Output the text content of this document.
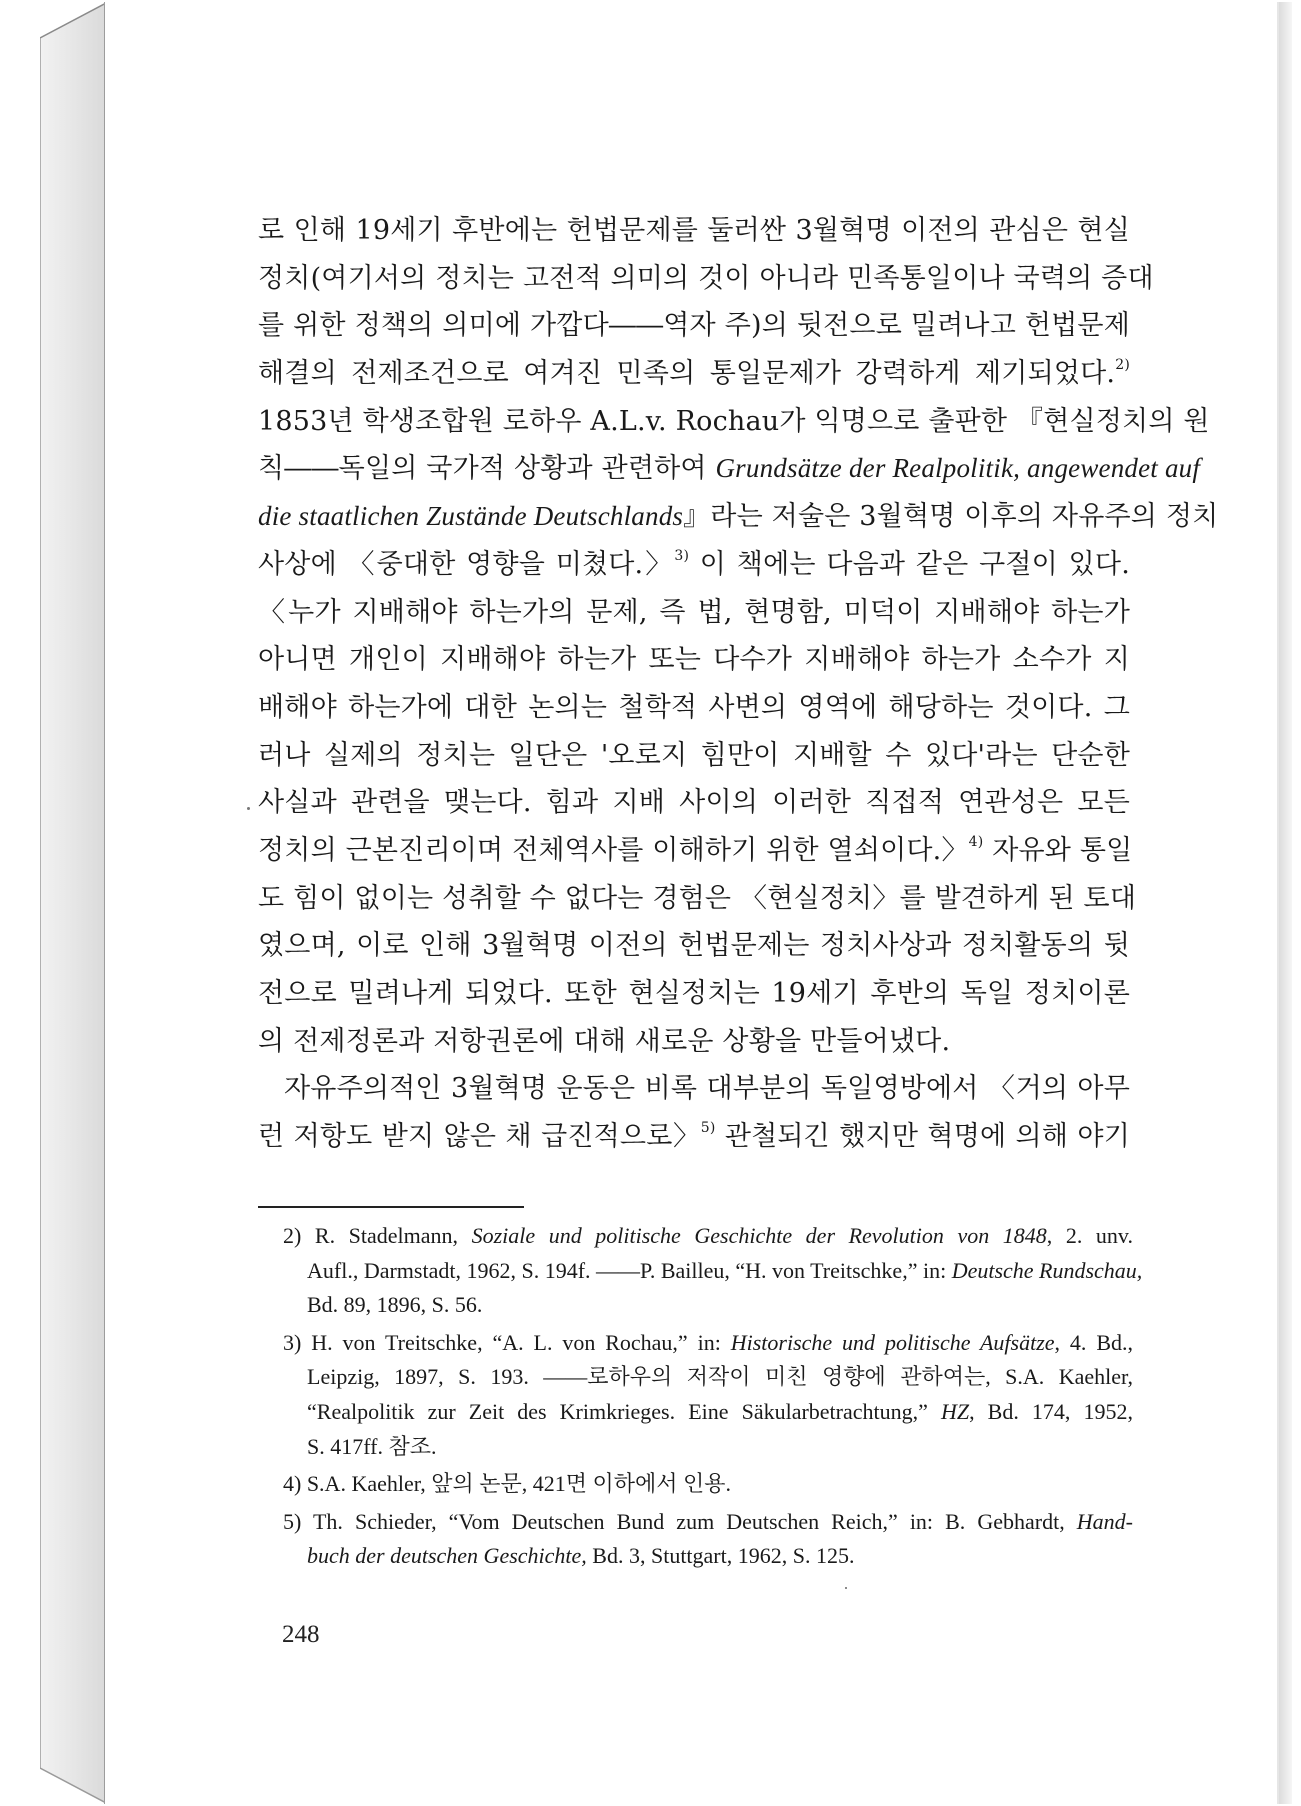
로 인해 19세기 후반에는 헌법문제를 둘러싼 3월혁명 이전의 관심은 현실
정치(여기서의 정치는 고전적 의미의 것이 아니라 민족통일이나 국력의 증대
를 위한 정책의 의미에 가깝다――역자 주)의 뒷전으로 밀려나고 헌법문제
해결의 전제조건으로 여겨진 민족의 통일문제가 강력하게 제기되었다.$^{2)}$
1853년 학생조합원 로하우 A.L.v. Rochau가 익명으로 출판한 『현실정치의 원
칙――독일의 국가적 상황과 관련하여 Grundsätze der Realpolitik, angewendet auf
die staatlichen Zustände Deutschlands』라는 저술은 3월혁명 이후의 자유주의 정치
사상에 〈중대한 영향을 미쳤다.〉$^{3)}$ 이 책에는 다음과 같은 구절이 있다.
〈누가 지배해야 하는가의 문제, 즉 법, 현명함, 미덕이 지배해야 하는가
아니면 개인이 지배해야 하는가 또는 다수가 지배해야 하는가 소수가 지
배해야 하는가에 대한 논의는 철학적 사변의 영역에 해당하는 것이다. 그
러나 실제의 정치는 일단은 '오로지 힘만이 지배할 수 있다'라는 단순한
사실과 관련을 맺는다. 힘과 지배 사이의 이러한 직접적 연관성은 모든
정치의 근본진리이며 전체역사를 이해하기 위한 열쇠이다.〉$^{4)}$ 자유와 통일
도 힘이 없이는 성취할 수 없다는 경험은 〈현실정치〉를 발견하게 된 토대
였으며, 이로 인해 3월혁명 이전의 헌법문제는 정치사상과 정치활동의 뒷
전으로 밀려나게 되었다. 또한 현실정치는 19세기 후반의 독일 정치이론
의 전제정론과 저항권론에 대해 새로운 상황을 만들어냈다.
자유주의적인 3월혁명 운동은 비록 대부분의 독일영방에서 〈거의 아무
런 저항도 받지 않은 채 급진적으로〉$^{5)}$ 관철되긴 했지만 혁명에 의해 야기
2) R. Stadelmann, Soziale und politische Geschichte der Revolution von 1848, 2. unv.
Aufl., Darmstadt, 1962, S. 194f. ――P. Bailleu, “H. von Treitschke,” in: Deutsche Rundschau,
Bd. 89, 1896, S. 56.
3) H. von Treitschke, “A. L. von Rochau,” in: Historische und politische Aufsätze, 4. Bd.,
Leipzig, 1897, S. 193. ――로하우의 저작이 미친 영향에 관하여는, S.A. Kaehler,
“Realpolitik zur Zeit des Krimkrieges. Eine Säkularbetrachtung,” HZ, Bd. 174, 1952,
S. 417ff. 참조.
4) S.A. Kaehler, 앞의 논문, 421면 이하에서 인용.
5) Th. Schieder, “Vom Deutschen Bund zum Deutschen Reich,” in: B. Gebhardt, Hand-
buch der deutschen Geschichte, Bd. 3, Stuttgart, 1962, S. 125.
248
